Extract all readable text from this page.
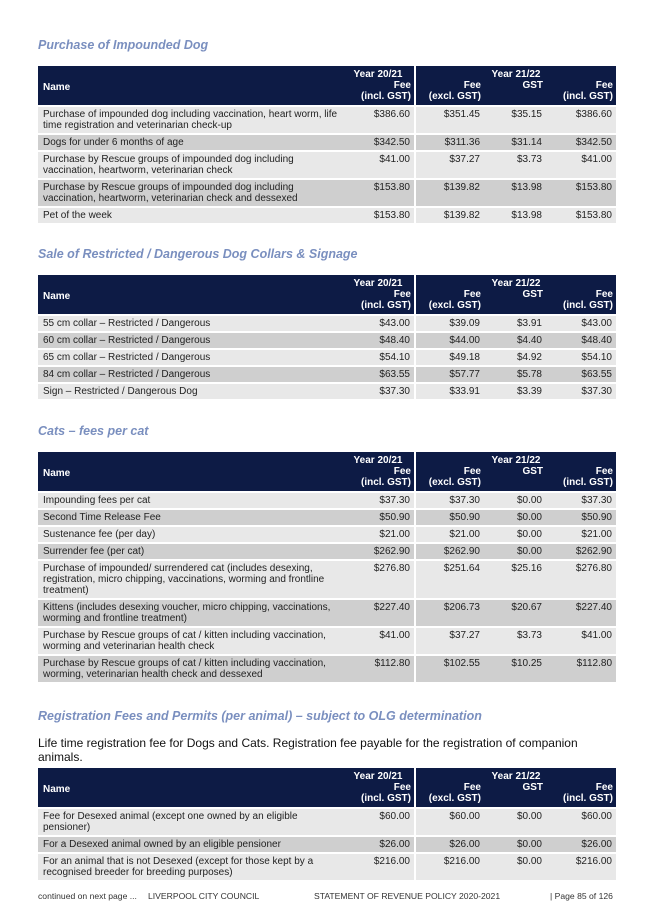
Purchase of Impounded Dog
Name	Year 20/21	Year 21/22		
	Fee	Fee	GST	Fee
	(incl. GST)	(excl. GST)		(incl. GST)
Purchase of impounded dog including vaccination, heart worm, life time registration and veterinarian check-up	$386.60	$351.45	$35.15	$386.60
Dogs for under 6 months of age	$342.50	$311.36	$31.14	$342.50
Purchase by Rescue groups of impounded dog including vaccination, heartworm, veterinarian check	$41.00	$37.27	$3.73	$41.00
Purchase by Rescue groups of impounded dog including vaccination, heartworm, veterinarian check and dessexed	$153.80	$139.82	$13.98	$153.80
Pet of the week	$153.80	$139.82	$13.98	$153.80
Sale of Restricted / Dangerous Dog Collars & Signage
Name	Year 20/21	Year 21/22		
	Fee	Fee	GST	Fee
	(incl. GST)	(excl. GST)		(incl. GST)
55 cm collar – Restricted / Dangerous	$43.00	$39.09	$3.91	$43.00
60 cm collar – Restricted / Dangerous	$48.40	$44.00	$4.40	$48.40
65 cm collar – Restricted / Dangerous	$54.10	$49.18	$4.92	$54.10
84 cm collar – Restricted / Dangerous	$63.55	$57.77	$5.78	$63.55
Sign – Restricted / Dangerous Dog	$37.30	$33.91	$3.39	$37.30
Cats – fees per cat
Name	Year 20/21	Year 21/22		
	Fee	Fee	GST	Fee
	(incl. GST)	(excl. GST)		(incl. GST)
Impounding fees per cat	$37.30	$37.30	$0.00	$37.30
Second Time Release Fee	$50.90	$50.90	$0.00	$50.90
Sustenance fee (per day)	$21.00	$21.00	$0.00	$21.00
Surrender fee (per cat)	$262.90	$262.90	$0.00	$262.90
Purchase of impounded/ surrendered cat (includes desexing, registration, micro chipping, vaccinations, worming and frontline treatment)	$276.80	$251.64	$25.16	$276.80
Kittens (includes desexing voucher, micro chipping, vaccinations, worming and frontline treatment)	$227.40	$206.73	$20.67	$227.40
Purchase by Rescue groups of cat / kitten including vaccination, worming and veterinarian health check	$41.00	$37.27	$3.73	$41.00
Purchase by Rescue groups of cat / kitten including vaccination, worming, veterinarian health check and dessexed	$112.80	$102.55	$10.25	$112.80
Registration Fees and Permits (per animal) – subject to OLG determination

Life time registration fee for Dogs and Cats. Registration fee payable for the registration of companion animals.

Name	Year 20/21	Year 21/22		
	Fee	Fee	GST	Fee
	(incl. GST)	(excl. GST)		(incl. GST)
Fee for Desexed animal (except one owned by an eligible pensioner)	$60.00	$60.00	$0.00	$60.00
For a Desexed animal owned by an eligible pensioner	$26.00	$26.00	$0.00	$26.00
For an animal that is not Desexed (except for those kept by a recognised breeder for breeding purposes)	$216.00	$216.00	$0.00	$216.00
continued on next page ...	LIVERPOOL CITY COUNCIL	STATEMENT OF REVENUE POLICY 2020-2021	| Page 85 of 126
